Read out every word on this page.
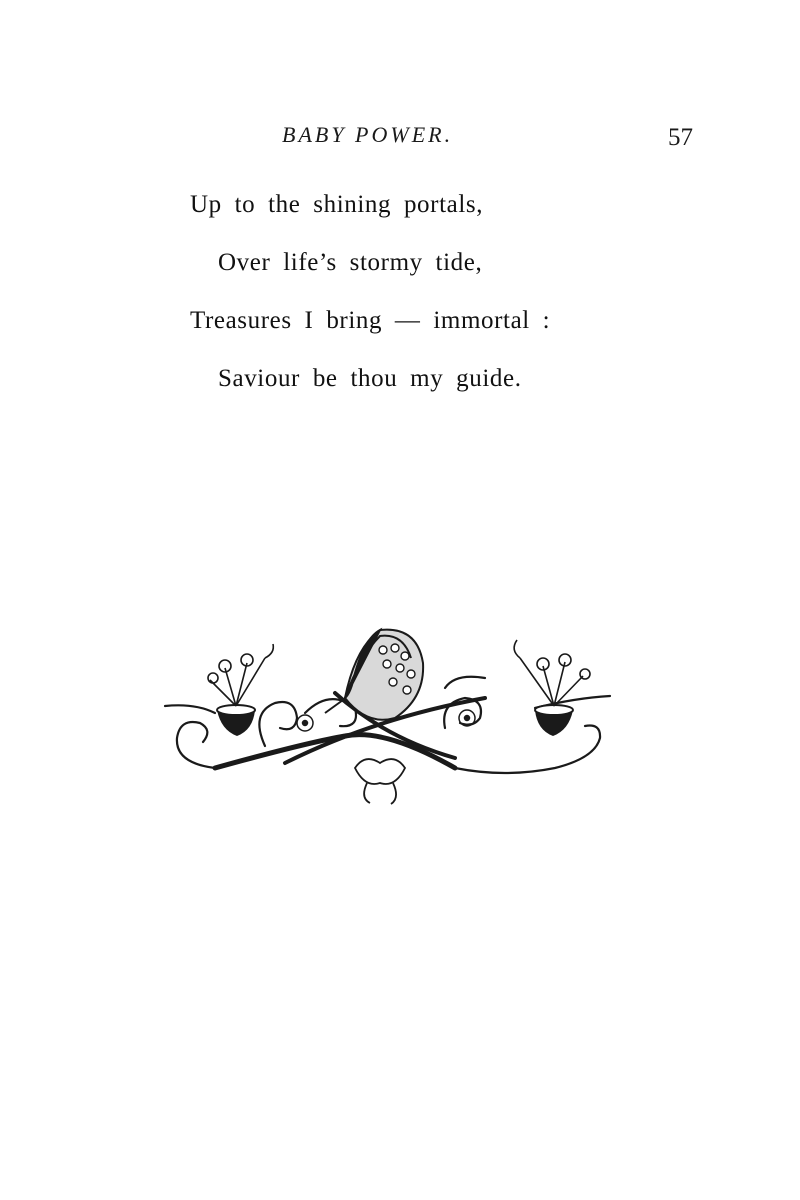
BABY POWER.	57
Up to the shining portals,
Over life’s stormy tide,
Treasures I bring — immortal :
Saviour be thou my guide.
